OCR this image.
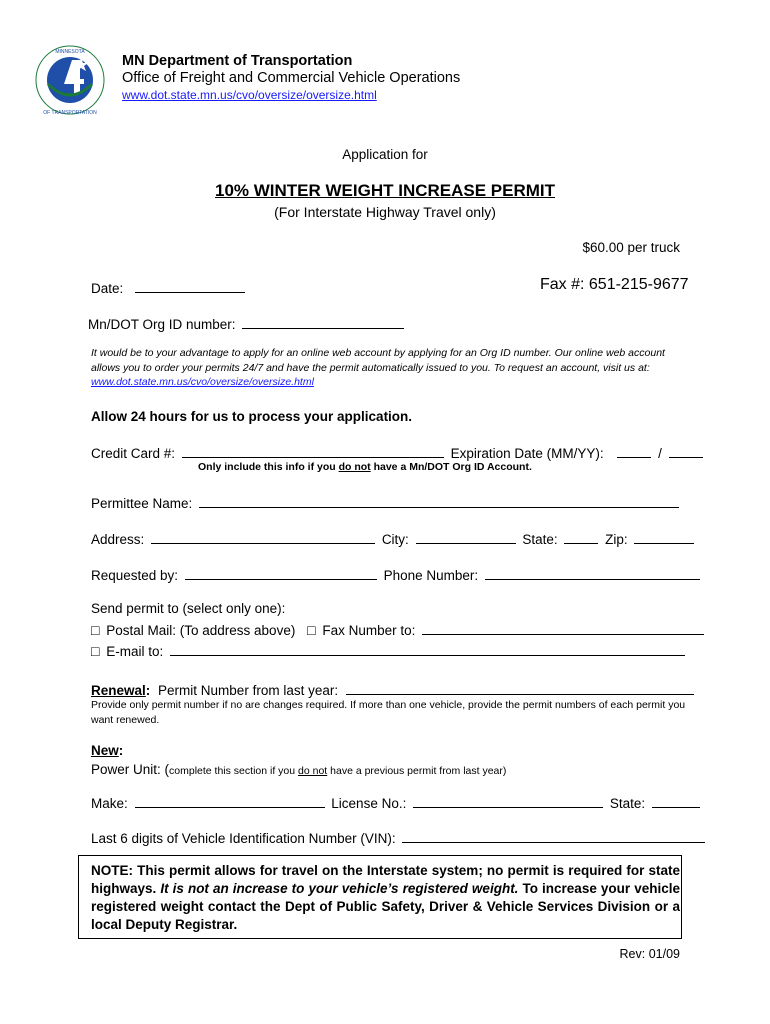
MINNESOTA
OF TRANSPORTATION
MN Department of Transportation
Office of Freight and Commercial Vehicle Operations
www.dot.state.mn.us/cvo/oversize/oversize.html
Application for
10% WINTER WEIGHT INCREASE PERMIT
(For Interstate Highway Travel only)
$60.00 per truck
Date:	Fax #: 651-215-9677
Mn/DOT Org ID number:
It would be to your advantage to apply for an online web account by applying for an Org ID number. Our online web account allows you to order your permits 24/7 and have the permit automatically issued to you. To request an account, visit us at: www.dot.state.mn.us/cvo/oversize/oversize.html
Allow 24 hours for us to process your application.
Credit Card #:	Expiration Date (MM/YY):	/
Only include this info if you do not have a Mn/DOT Org ID Account.
Permittee Name:
Address:	City:	State:	Zip:
Requested by:	Phone Number:
Send permit to (select only one):
□ Postal Mail: (To address above) □ Fax Number to:
□ E-mail to:
Renewal: Permit Number from last year:
Provide only permit number if no are changes required. If more than one vehicle, provide the permit numbers of each permit you want renewed.
New:
Power Unit: (complete this section if you do not have a previous permit from last year)
Make:	License No.:	State:
Last 6 digits of Vehicle Identification Number (VIN):
NOTE: This permit allows for travel on the Interstate system; no permit is required for state highways. It is not an increase to your vehicle’s registered weight. To increase your vehicle registered weight contact the Dept of Public Safety, Driver & Vehicle Services Division or a local Deputy Registrar.
Rev: 01/09
